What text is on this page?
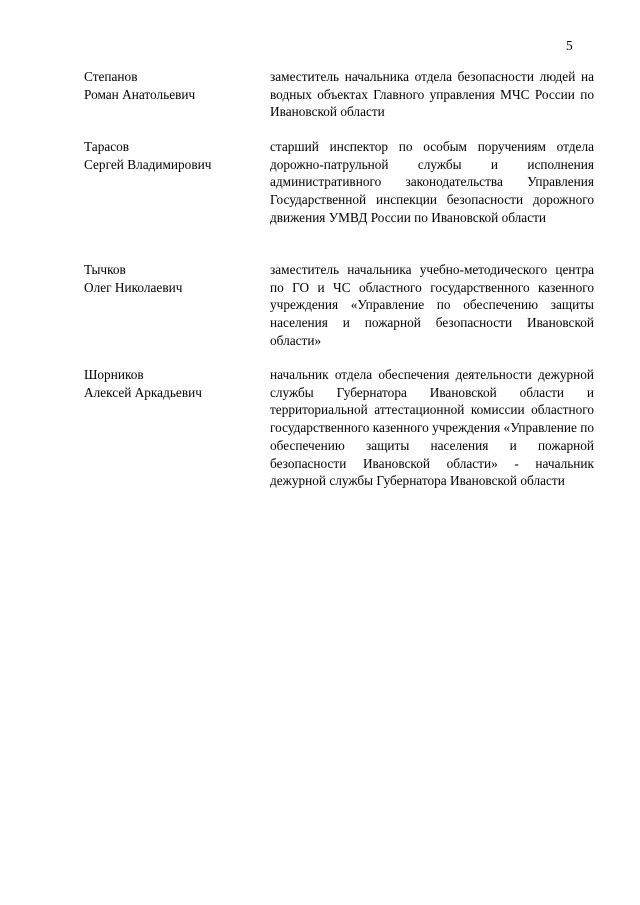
5
Степанов
Роман Анатольевич
заместитель начальника отдела безопасности людей на водных объектах Главного управления МЧС России по Ивановской области
Тарасов
Сергей Владимирович
старший инспектор по особым поручениям отдела дорожно-патрульной службы и исполнения административного законодательства Управления Государственной инспекции безопасности дорожного движения УМВД России по Ивановской области
Тычков
Олег Николаевич
заместитель начальника учебно-методического центра по ГО и ЧС областного государственного казенного учреждения «Управление по обеспечению защиты населения и пожарной безопасности Ивановской области»
Шорников
Алексей Аркадьевич
начальник отдела обеспечения деятельности дежурной службы Губернатора Ивановской области и территориальной аттестационной комиссии областного государственного казенного учреждения «Управление по обеспечению защиты населения и пожарной безопасности Ивановской области» - начальник дежурной службы Губернатора Ивановской области
